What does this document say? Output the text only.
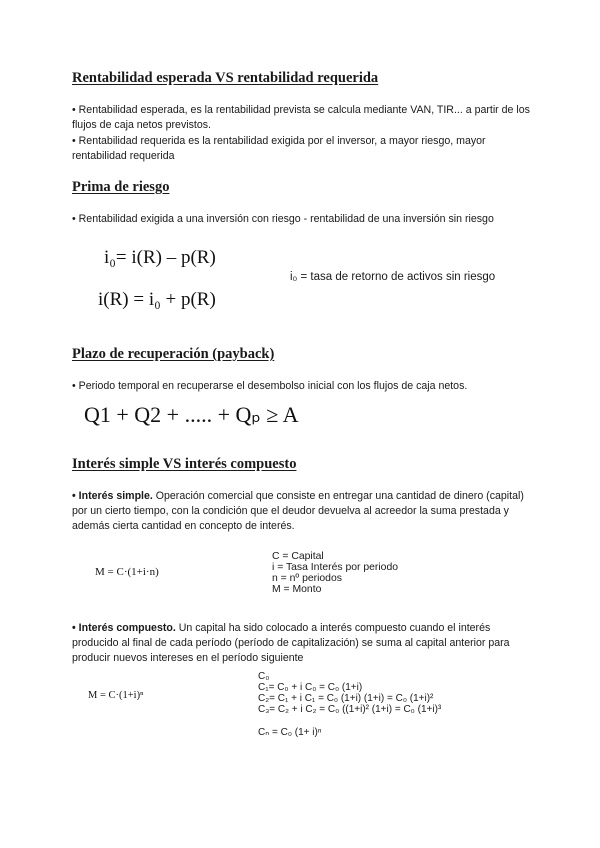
Rentabilidad esperada VS rentabilidad requerida
• Rentabilidad esperada, es la rentabilidad prevista se calcula mediante VAN, TIR... a partir de los flujos de caja netos previstos.
• Rentabilidad requerida es la rentabilidad exigida por el inversor, a mayor riesgo, mayor rentabilidad requerida
Prima de riesgo
• Rentabilidad exigida a una inversión con riesgo - rentabilidad de una inversión sin riesgo
i₀= i(R) – p(R)
i(R) = i₀ + p(R)
i₀ = tasa de retorno de activos sin riesgo
Plazo de recuperación (payback)
• Periodo temporal en recuperarse el desembolso inicial con los flujos de caja netos.
Q1 + Q2 + ..... + Qₚ ≥ A
Interés simple VS interés compuesto
• Interés simple. Operación comercial que consiste en entregar una cantidad de dinero (capital) por un cierto tiempo, con la condición que el deudor devuelva al acreedor la suma prestada y además cierta cantidad en concepto de interés.
M = C·(1+i·n)
C = Capital
i = Tasa Interés por periodo
n = nº periodos
M = Monto
• Interés compuesto. Un capital ha sido colocado a interés compuesto cuando el interés producido al final de cada período (período de capitalización) se suma al capital anterior para producir nuevos intereses en el período siguiente
M = C·(1+i)ⁿ
C₀
C₁= C₀ + i C₀ = C₀ (1+i)
C₂= C₁ + i C₁ = C₀ (1+i) (1+i) = C₀ (1+i)²
C₃= C₂ + i C₂ = C₀ ((1+i)² (1+i) = C₀ (1+i)³
Cₙ = C₀ (1+ i)ⁿ
